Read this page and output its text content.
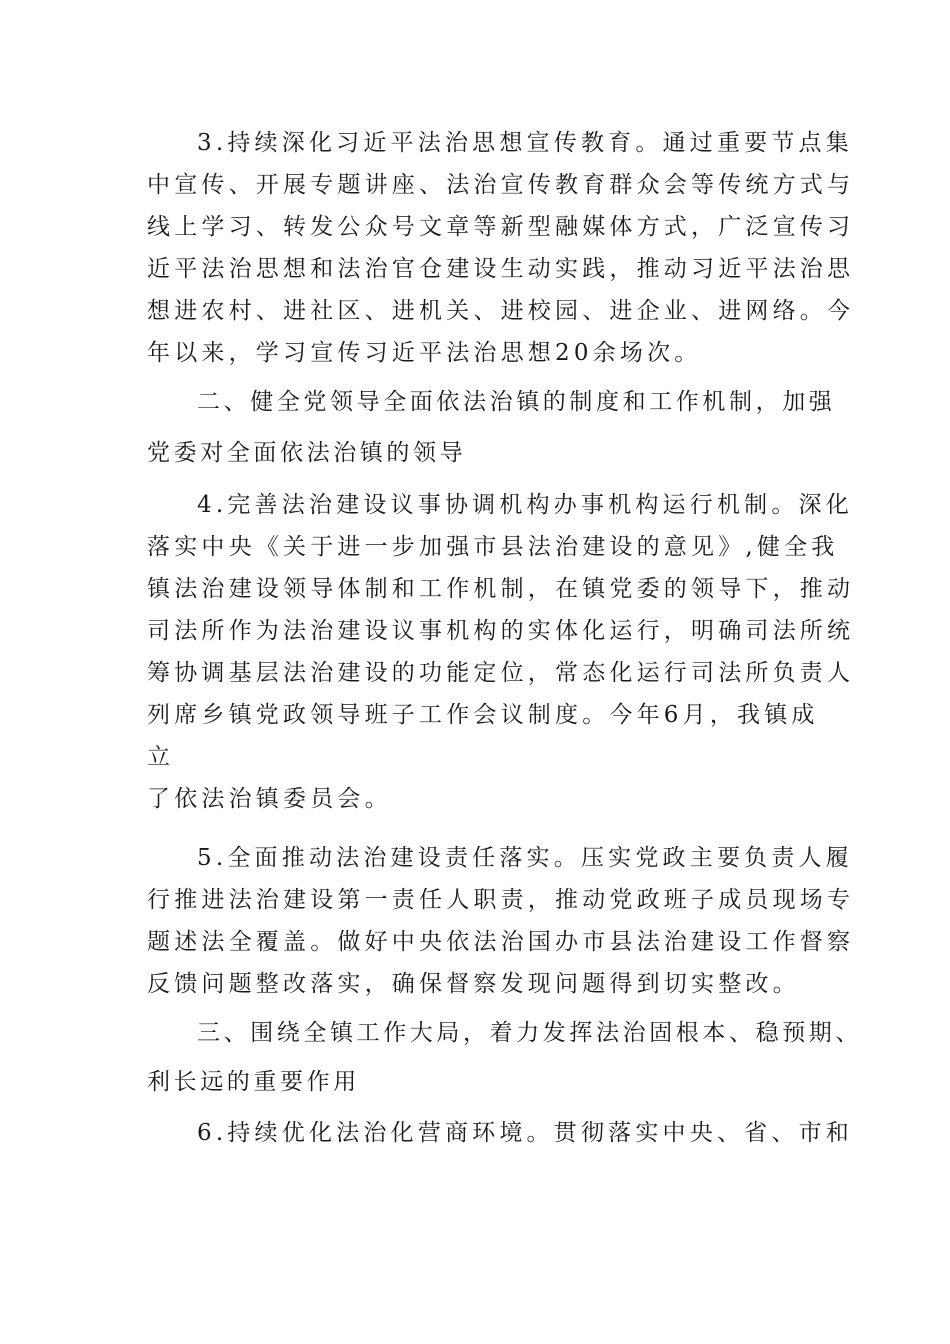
3.持续深化习近平法治思想宣传教育。通过重要节点集
中宣传、开展专题讲座、法治宣传教育群众会等传统方式与
线上学习、转发公众号文章等新型融媒体方式，广泛宣传习
近平法治思想和法治官仓建设生动实践，推动习近平法治思
想进农村、进社区、进机关、进校园、进企业、进网络。今
年以来，学习宣传习近平法治思想20余场次。
二、健全党领导全面依法治镇的制度和工作机制，加强
党委对全面依法治镇的领导
4.完善法治建设议事协调机构办事机构运行机制。深化
落实中央《关于进一步加强市县法治建设的意见》,健全我
镇法治建设领导体制和工作机制，在镇党委的领导下，推动
司法所作为法治建设议事机构的实体化运行，明确司法所统
筹协调基层法治建设的功能定位，常态化运行司法所负责人
列席乡镇党政领导班子工作会议制度。今年6月，我镇成
立
了依法治镇委员会。
5.全面推动法治建设责任落实。压实党政主要负责人履
行推进法治建设第一责任人职责，推动党政班子成员现场专
题述法全覆盖。做好中央依法治国办市县法治建设工作督察
反馈问题整改落实，确保督察发现问题得到切实整改。
三、围绕全镇工作大局，着力发挥法治固根本、稳预期、
利长远的重要作用
6.持续优化法治化营商环境。贯彻落实中央、省、市和
